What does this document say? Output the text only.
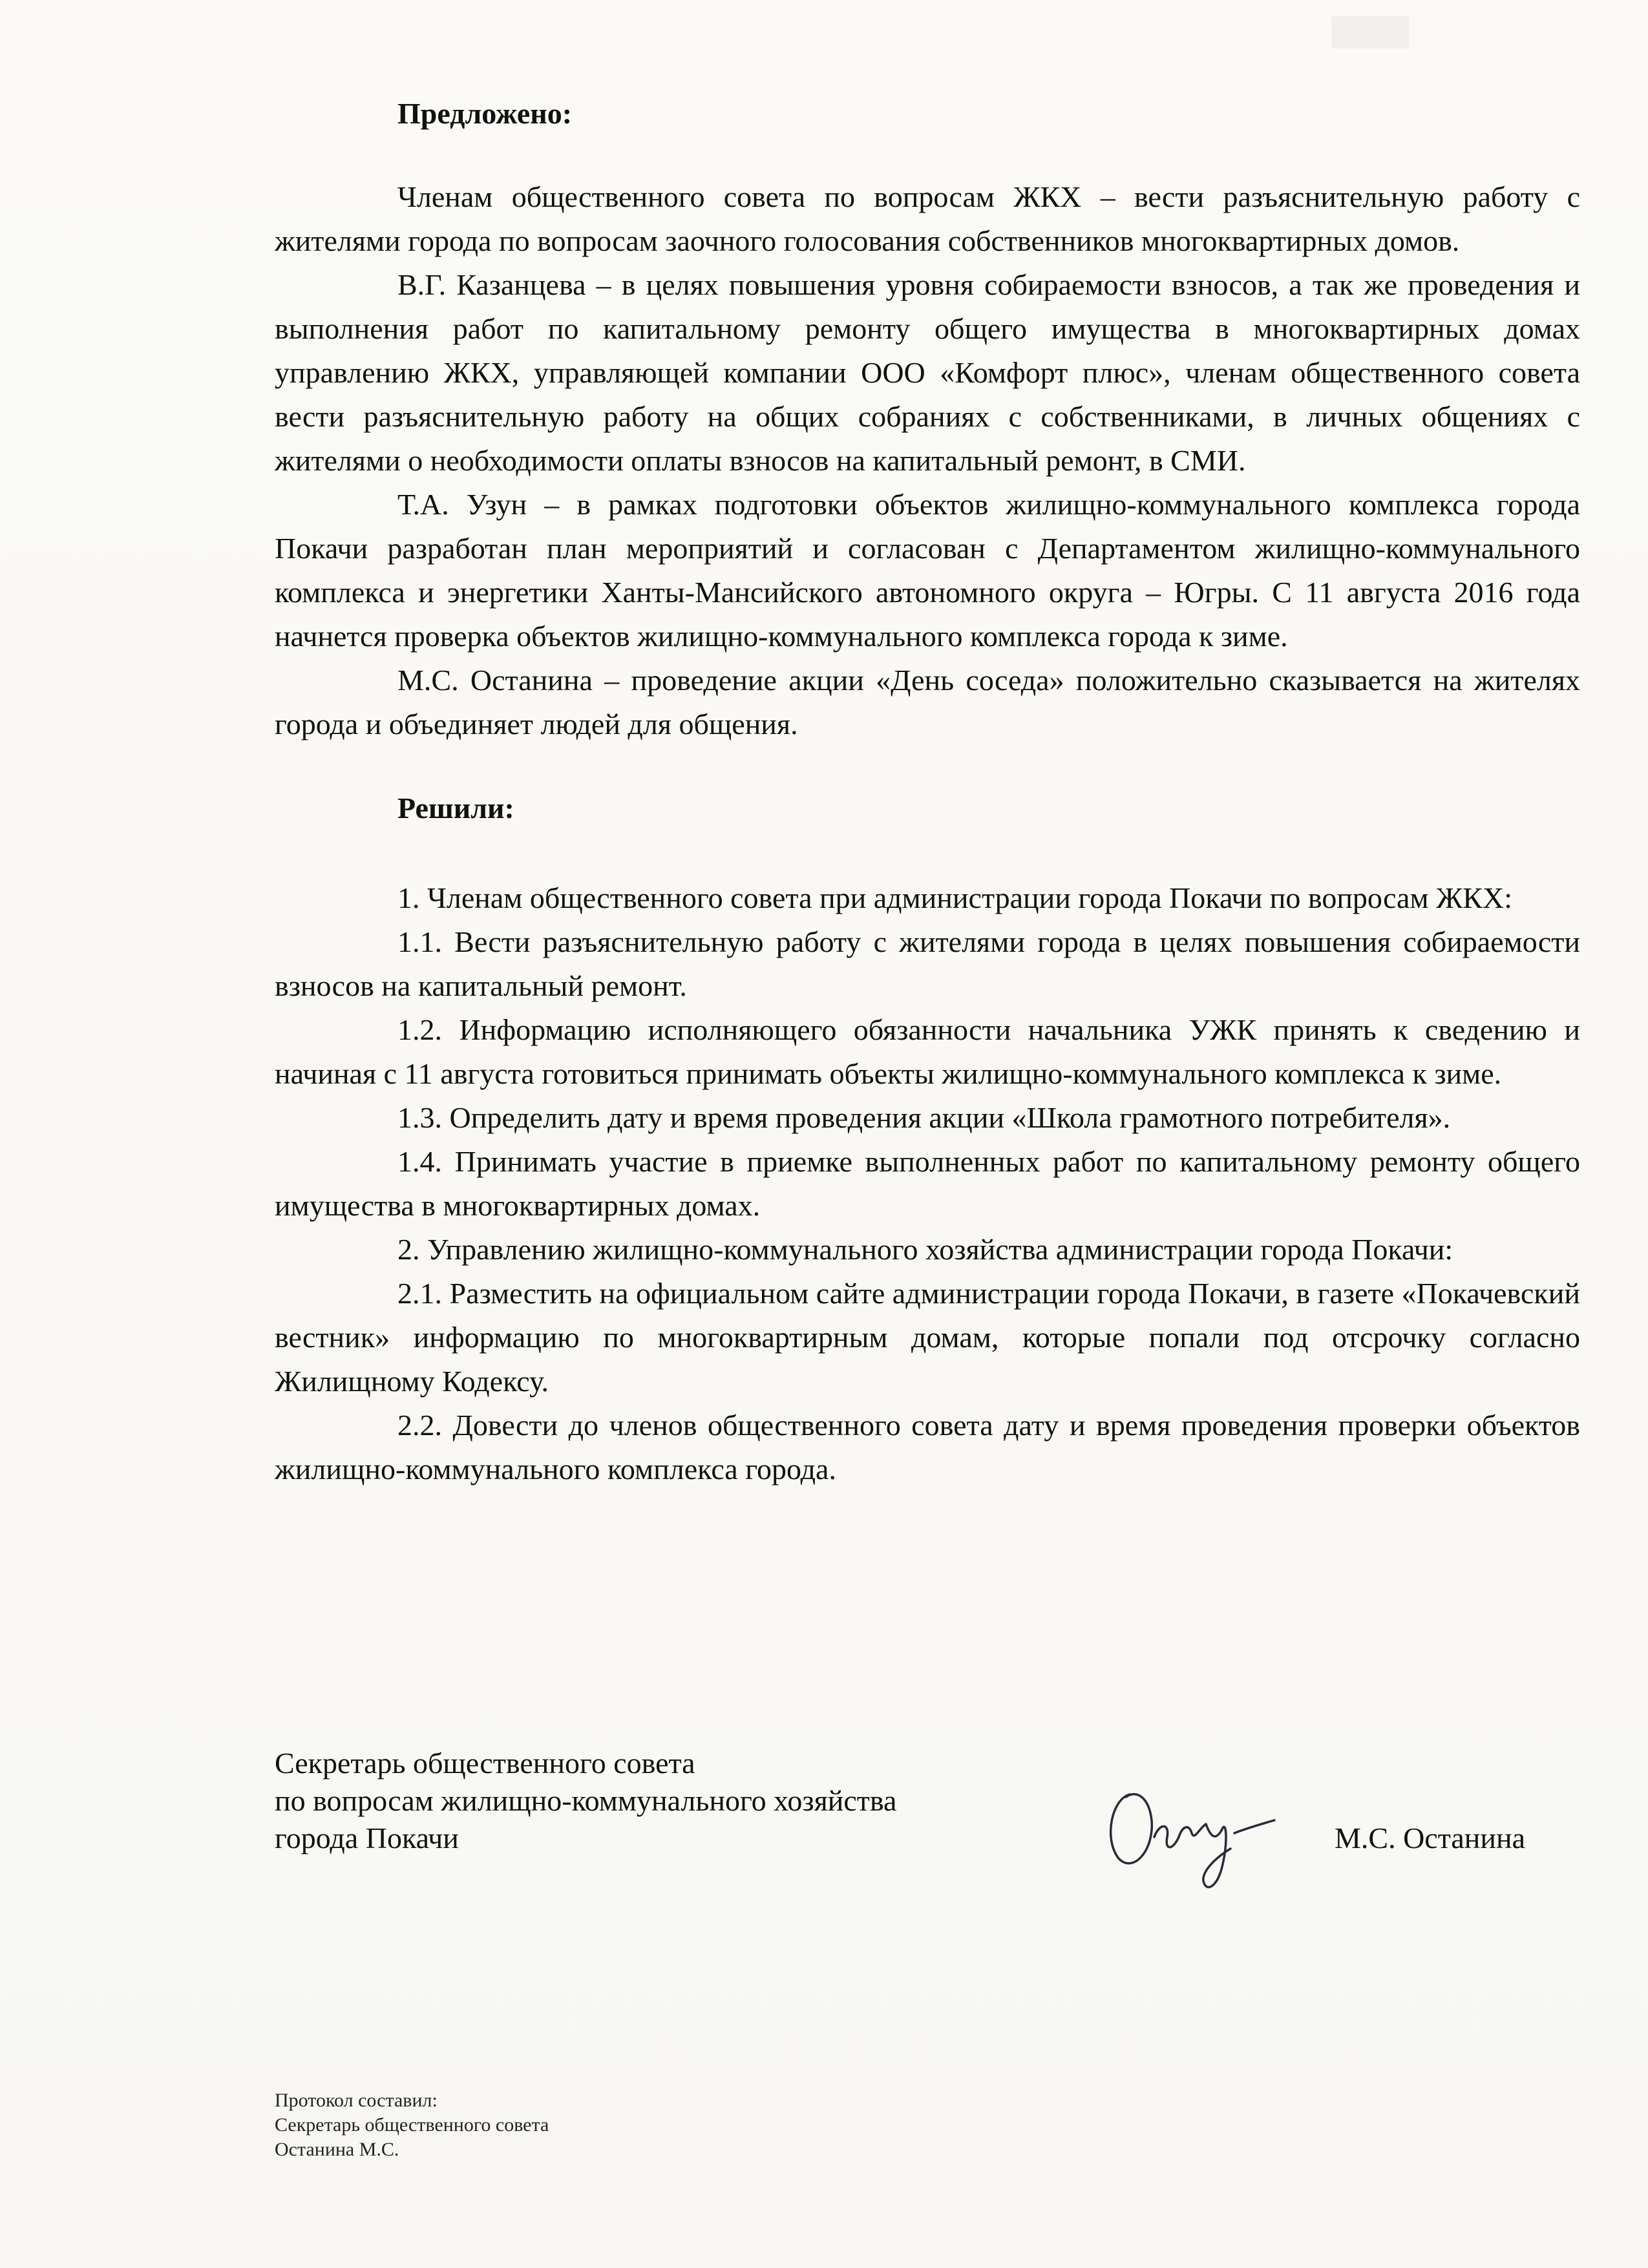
Предложено:

Членам общественного совета по вопросам ЖКХ – вести разъяснительную работу с жителями города по вопросам заочного голосования собственников многоквартирных домов.

В.Г. Казанцева – в целях повышения уровня собираемости взносов, а так же проведения и выполнения работ по капитальному ремонту общего имущества в многоквартирных домах управлению ЖКХ, управляющей компании ООО «Комфорт плюс», членам общественного совета вести разъяснительную работу на общих собраниях с собственниками, в личных общениях с жителями о необходимости оплаты взносов на капитальный ремонт, в СМИ.

Т.А. Узун – в рамках подготовки объектов жилищно-коммунального комплекса города Покачи разработан план мероприятий и согласован с Департаментом жилищно-коммунального комплекса и энергетики Ханты-Мансийского автономного округа – Югры. С 11 августа 2016 года начнется проверка объектов жилищно-коммунального комплекса города к зиме.

М.С. Останина – проведение акции «День соседа» положительно сказывается на жителях города и объединяет людей для общения.

Решили:

1. Членам общественного совета при администрации города Покачи по вопросам ЖКХ:

1.1. Вести разъяснительную работу с жителями города в целях повышения собираемости взносов на капитальный ремонт.

1.2. Информацию исполняющего обязанности начальника УЖК принять к сведению и начиная с 11 августа готовиться принимать объекты жилищно-коммунального комплекса к зиме.

1.3. Определить дату и время проведения акции «Школа грамотного потребителя».

1.4. Принимать участие в приемке выполненных работ по капитальному ремонту общего имущества в многоквартирных домах.

2. Управлению жилищно-коммунального хозяйства администрации города Покачи:

2.1. Разместить на официальном сайте администрации города Покачи, в газете «Покачевский вестник» информацию по многоквартирным домам, которые попали под отсрочку согласно Жилищному Кодексу.

2.2. Довести до членов общественного совета дату и время проведения проверки объектов жилищно-коммунального комплекса города.

Секретарь общественного совета
по вопросам жилищно-коммунального хозяйства
города Покачи	М.С. Останина
Протокол составил:
Секретарь общественного совета
Останина М.С.
